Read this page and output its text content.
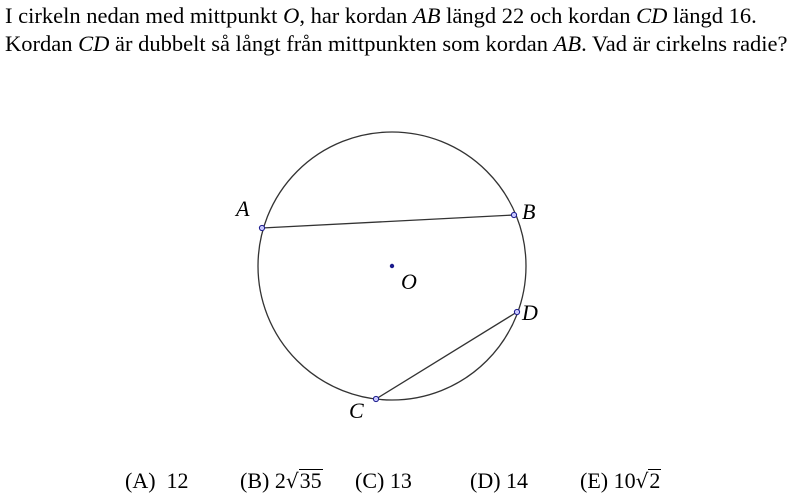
I cirkeln nedan med mittpunkt O, har kordan AB längd 22 och kordan CD längd 16. Kordan CD är dubbelt så långt från mittpunkten som kordan AB. Vad är cirkelns radie?

A	B
C
D
O
(A) 12 (B) 2√35 (C) 13	(D) 14 (E) 10√2
